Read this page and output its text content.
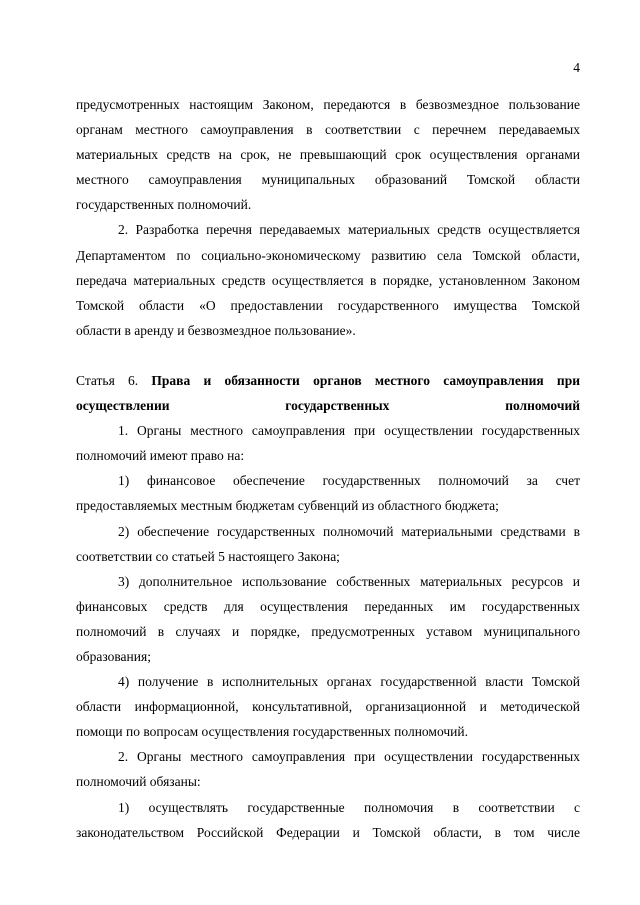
4

предусмотренных настоящим Законом, передаются в безвозмездное пользование

органам местного самоуправления в соответствии с перечнем передаваемых

материальных средств на срок, не превышающий срок осуществления органами

местного самоуправления муниципальных образований Томской области

государственных полномочий.

2. Разработка перечня передаваемых материальных средств осуществляется

Департаментом по социально-экономическому развитию села Томской области,

передача материальных средств осуществляется в порядке, установленном Законом

Томской области «О предоставлении государственного имущества Томской

области в аренду и безвозмездное пользование».

Статья 6. Права и обязанности органов местного самоуправления при

осуществлении государственных полномочий

1. Органы местного самоуправления при осуществлении государственных

полномочий имеют право на:

1) финансовое обеспечение государственных полномочий за счет

предоставляемых местным бюджетам субвенций из областного бюджета;

2) обеспечение государственных полномочий материальными средствами в

соответствии со статьей 5 настоящего Закона;

3) дополнительное использование собственных материальных ресурсов и

финансовых средств для осуществления переданных им государственных

полномочий в случаях и порядке, предусмотренных уставом муниципального

образования;

4) получение в исполнительных органах государственной власти Томской

области информационной, консультативной, организационной и методической

помощи по вопросам осуществления государственных полномочий.

2. Органы местного самоуправления при осуществлении государственных

полномочий обязаны:

1) осуществлять государственные полномочия в соответствии с

законодательством Российской Федерации и Томской области, в том числе
